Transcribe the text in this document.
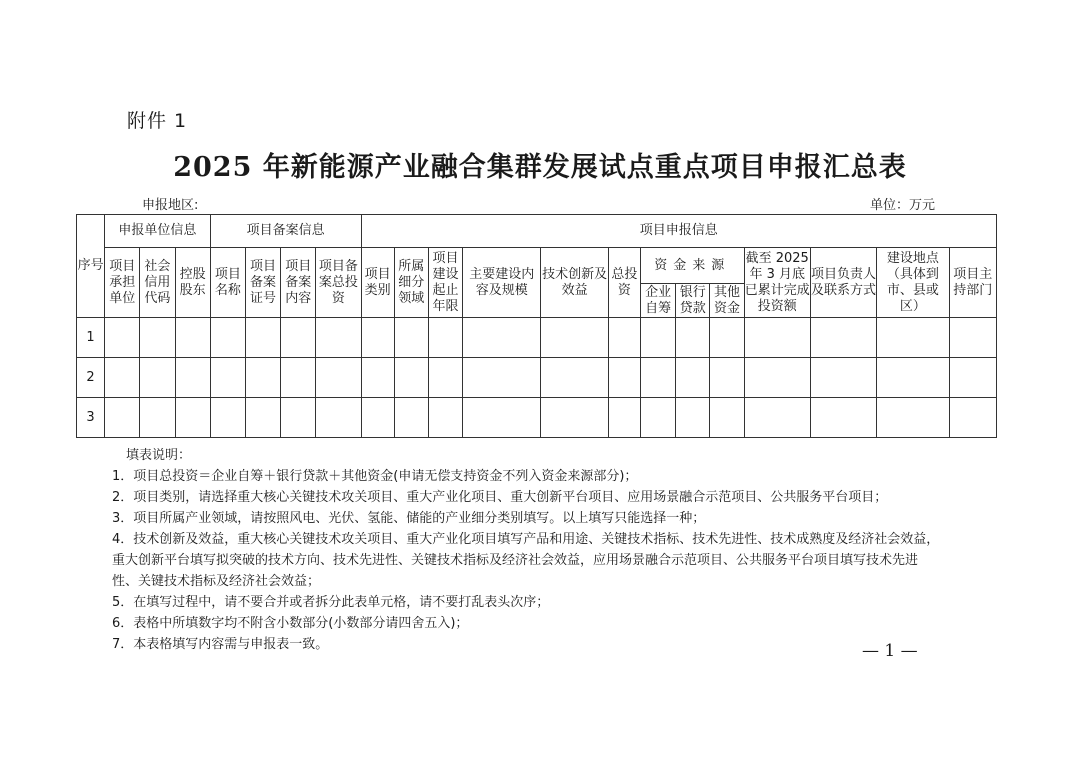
附件 1
2025 年新能源产业融合集群发展试点重点项目申报汇总表
申报地区:	单位：万元
序号	申报单位信息			项目备案信息				项目申报信息												
	项目承担单位	社会信用代码	控股股东	项目名称	项目备案证号	项目备案内容	项目备案总投资	项目类别	所属细分领域	项目建设起止年限	主要建设内容及规模	技术创新及效益	总投资	资金来源			截至 2025 年 3 月底已累计完成投资额	项目负责人及联系方式	建设地点（具体到市、县或区）	项目主持部门
														企业自筹	银行贷款	其他资金				
1																				
2																				
3																				

填表说明：

1．项目总投资＝企业自筹＋银行贷款＋其他资金(申请无偿支持资金不列入资金来源部分)；

2．项目类别，请选择重大核心关键技术攻关项目、重大产业化项目、重大创新平台项目、应用场景融合示范项目、公共服务平台项目；

3．项目所属产业领域，请按照风电、光伏、氢能、储能的产业细分类别填写。以上填写只能选择一种；

4．技术创新及效益，重大核心关键技术攻关项目、重大产业化项目填写产品和用途、关键技术指标、技术先进性、技术成熟度及经济社会效益，重大创新平台填写拟突破的技术方向、技术先进性、关键技术指标及经济社会效益，应用场景融合示范项目、公共服务平台项目填写技术先进性、关键技术指标及经济社会效益；

5．在填写过程中，请不要合并或者拆分此表单元格，请不要打乱表头次序；

6．表格中所填数字均不附含小数部分(小数部分请四舍五入)；

7．本表格填写内容需与申报表一致。	— 1 —
